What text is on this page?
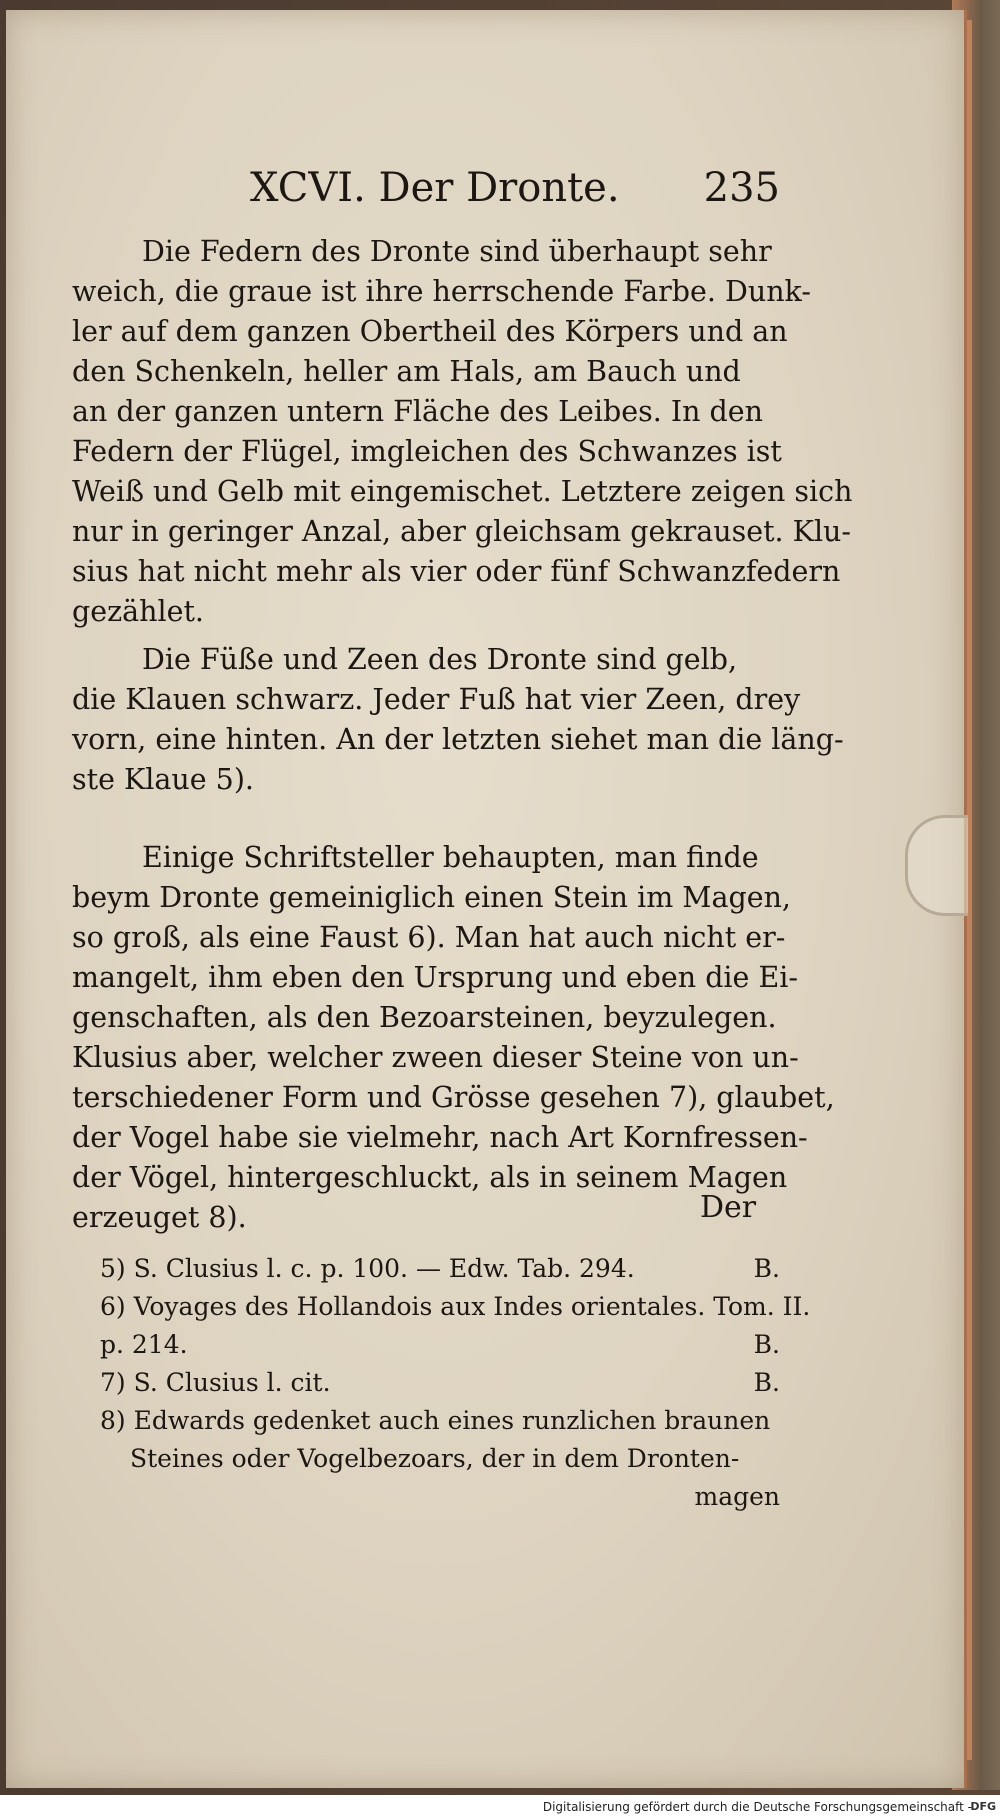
XCVI. Der Dronte. 235

Die Federn des Dronte sind überhaupt sehr
weich, die graue ist ihre herrschende Farbe. Dunk-
ler auf dem ganzen Obertheil des Körpers und an
den Schenkeln, heller am Hals, am Bauch und
an der ganzen untern Fläche des Leibes. In den
Federn der Flügel, imgleichen des Schwanzes ist
Weiß und Gelb mit eingemischet. Letztere zeigen sich
nur in geringer Anzal, aber gleichsam gekrauset. Klu-
sius hat nicht mehr als vier oder fünf Schwanzfedern
gezählet.

Die Füße und Zeen des Dronte sind gelb,
die Klauen schwarz. Jeder Fuß hat vier Zeen, drey
vorn, eine hinten. An der letzten siehet man die läng-
ste Klaue 5).

Einige Schriftsteller behaupten, man finde
beym Dronte gemeiniglich einen Stein im Magen,
so groß, als eine Faust 6). Man hat auch nicht er-
mangelt, ihm eben den Ursprung und eben die Ei-
genschaften, als den Bezoarsteinen, beyzulegen.
Klusius aber, welcher zween dieser Steine von un-
terschiedener Form und Grösse gesehen 7), glaubet,
der Vogel habe sie vielmehr, nach Art Kornfressen-
der Vögel, hintergeschluckt, als in seinem Magen
erzeuget 8).	Der
5) S. Clusius l. c. p. 100. — Edw. Tab. 294.	B.
6) Voyages des Hollandois aux Indes orientales. Tom. II.
p. 214.	B.
7) S. Clusius l. cit.	B.
8) Edwards gedenket auch eines runzlichen braunen
Steines oder Vogelbezoars, der in dem Dronten-
magen
Digitalisierung gefördert durch die Deutsche Forschungsgemeinschaft -
DFG
